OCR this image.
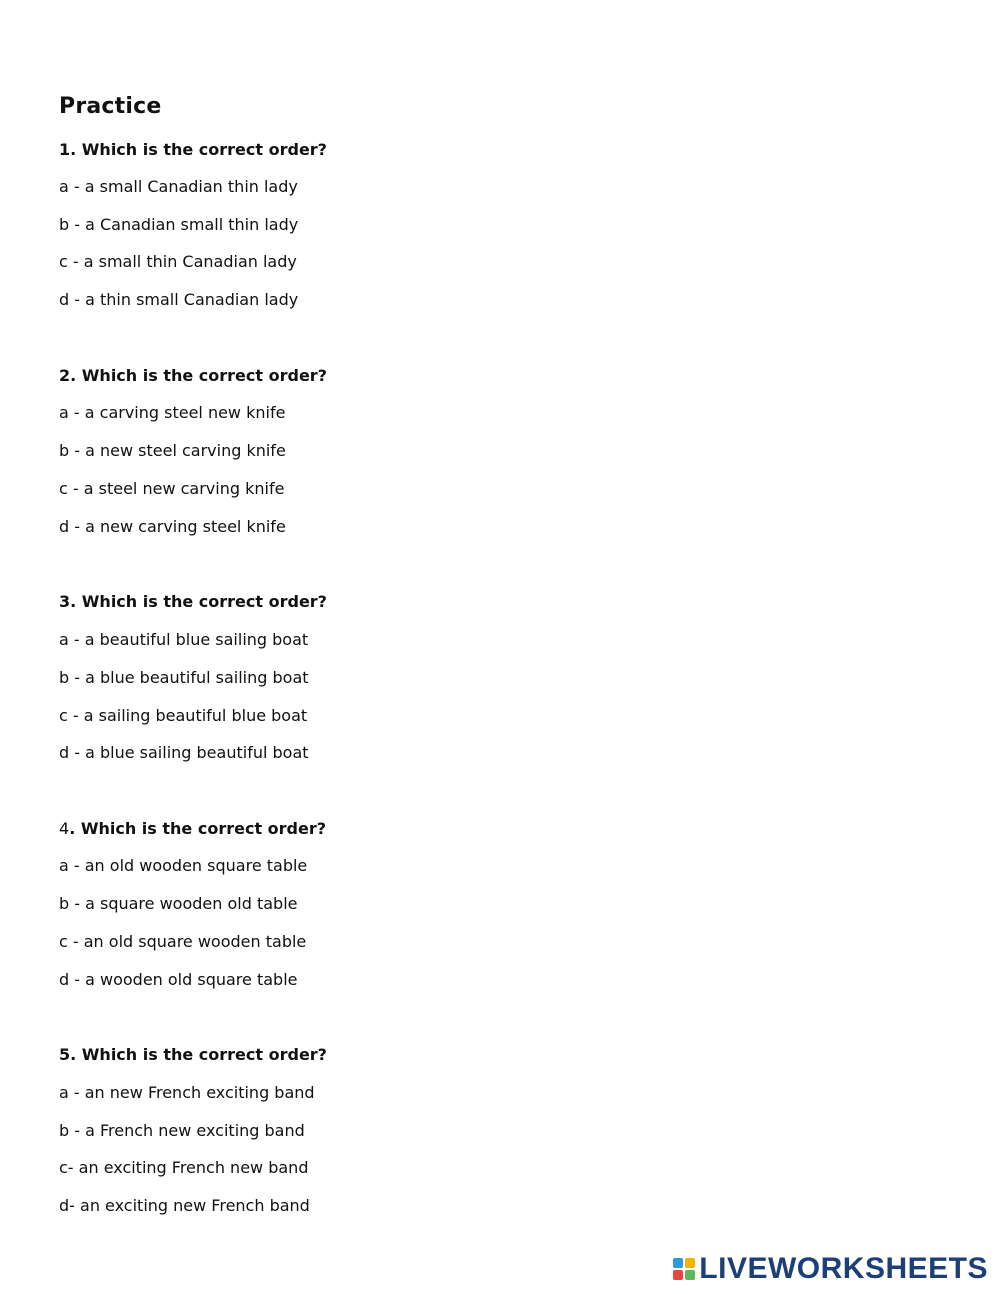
Practice
1. Which is the correct order?
a - a small Canadian thin lady
b - a Canadian small thin lady
c - a small thin Canadian lady
d - a thin small Canadian lady
2. Which is the correct order?
a - a carving steel new knife
b - a new steel carving knife
c - a steel new carving knife
d - a new carving steel knife
3. Which is the correct order?
a - a beautiful blue sailing boat
b - a blue beautiful sailing boat
c - a sailing beautiful blue boat
d - a blue sailing beautiful boat
4. Which is the correct order?
a - an old wooden square table
b - a square wooden old table
c - an old square wooden table
d - a wooden old square table
5. Which is the correct order?
a - an new French exciting band
b - a French new exciting band
c- an exciting French new band
d- an exciting new French band
LIVEWORKSHEETS
